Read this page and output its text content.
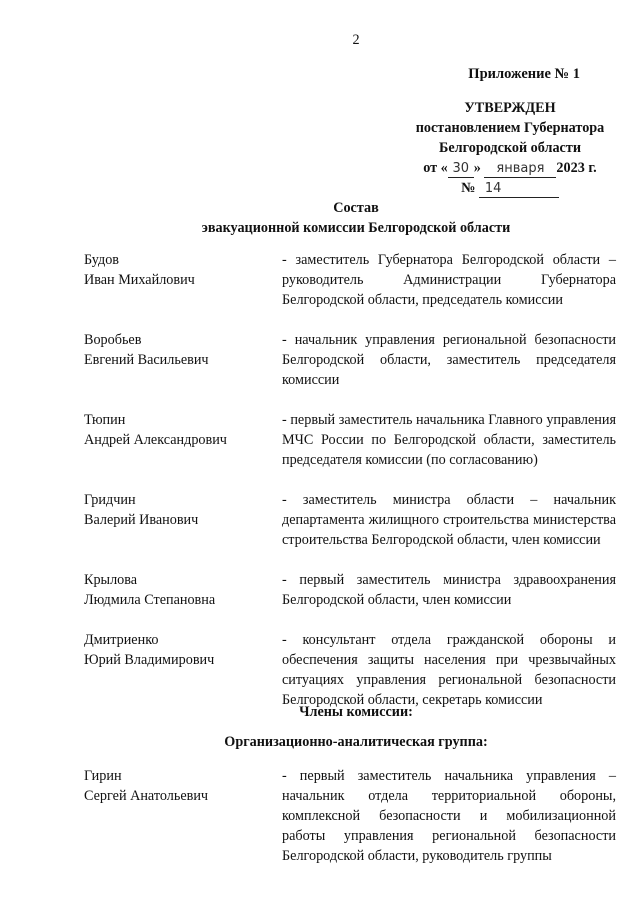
2
Приложение № 1
УТВЕРЖДЕН
постановлением Губернатора
Белгородской области
от « 30 » января 2023 г.
№ 14
Состав
эвакуационной комиссии Белгородской области
Будов
Иван Михайлович
- заместитель Губернатора Белгородской области – руководитель Администрации Губернатора Белгородской области, председатель комиссии
Воробьев
Евгений Васильевич
- начальник управления региональной безопасности Белгородской области, заместитель председателя комиссии
Тюпин
Андрей Александрович
- первый заместитель начальника Главного управления МЧС России по Белгородской области, заместитель председателя комиссии (по согласованию)
Гридчин
Валерий Иванович
- заместитель министра области – начальник департамента жилищного строительства министерства строительства Белгородской области, член комиссии
Крылова
Людмила Степановна
- первый заместитель министра здравоохранения Белгородской области, член комиссии
Дмитриенко
Юрий Владимирович
- консультант отдела гражданской обороны и обеспечения защиты населения при чрезвычайных ситуациях управления региональной безопасности Белгородской области, секретарь комиссии
Члены комиссии:
Организационно-аналитическая группа:
Гирин
Сергей Анатольевич
- первый заместитель начальника управления – начальник отдела территориальной обороны, комплексной безопасности и мобилизационной работы управления региональной безопасности Белгородской области, руководитель группы
